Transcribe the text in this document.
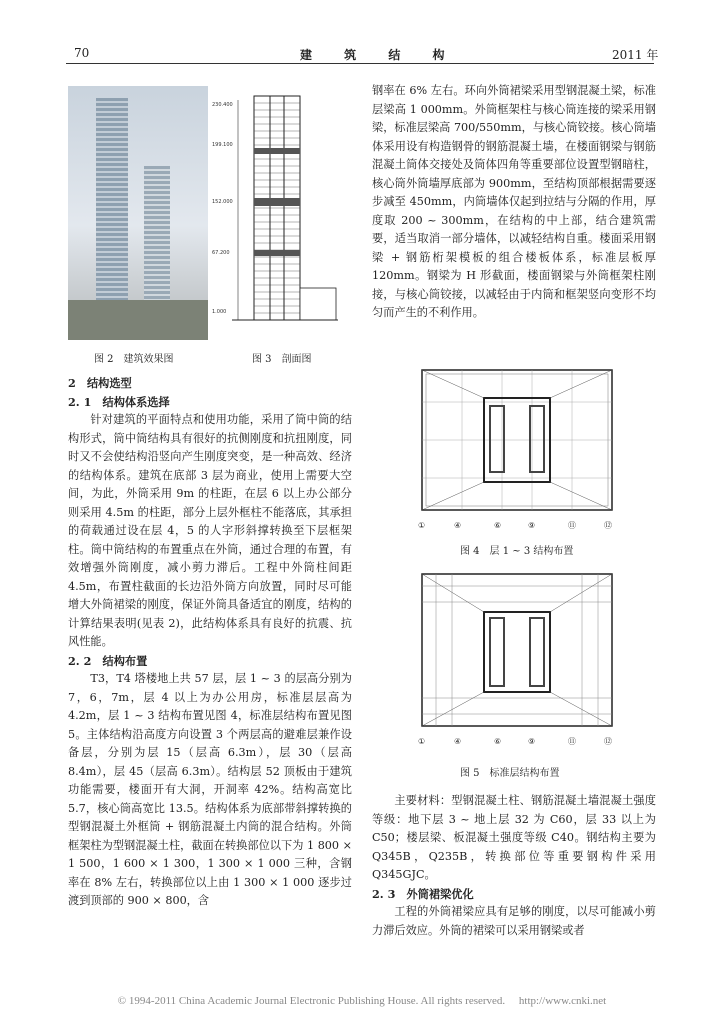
70	建 筑 结 构	2011 年
图 2　建筑效果图
230.400
199.100
152.000
67.200
1.000
图 3　剖面图

2　结构选型

2. 1　结构体系选择

针对建筑的平面特点和使用功能，采用了筒中筒的结构形式，筒中筒结构具有很好的抗侧刚度和抗扭刚度，同时又不会使结构沿竖向产生刚度突变，是一种高效、经济的结构体系。建筑在底部 3 层为商业，使用上需要大空间，为此，外筒采用 9m 的柱距，在层 6 以上办公部分则采用 4.5m 的柱距，部分上层外框柱不能落底，其承担的荷载通过设在层 4，5 的人字形斜撑转换至下层框架柱。筒中筒结构的布置重点在外筒，通过合理的布置，有效增强外筒刚度，减小剪力滞后。工程中外筒柱间距 4.5m，布置柱截面的长边沿外筒方向放置，同时尽可能增大外筒裙梁的刚度，保证外筒具备适宜的刚度，结构的计算结果表明(见表 2)，此结构体系具有良好的抗震、抗风性能。

2. 2　结构布置

T3，T4 塔楼地上共 57 层，层 1 ~ 3 的层高分别为 7，6，7m，层 4 以上为办公用房，标准层层高为 4.2m，层 1 ~ 3 结构布置见图 4，标准层结构布置见图 5。主体结构沿高度方向设置 3 个两层高的避难层兼作设备层，分别为层 15（层高 6.3m），层 30（层高 8.4m），层 45（层高 6.3m）。结构层 52 顶板由于建筑功能需要，楼面开有大洞，开洞率 42%。结构高宽比 5.7，核心筒高宽比 13.5。结构体系为底部带斜撑转换的型钢混凝土外框筒 + 钢筋混凝土内筒的混合结构。外筒框架柱为型钢混凝土柱，截面在转换部位以下为 1 800 × 1 500，1 600 × 1 300，1 300 × 1 000 三种，含钢率在 8% 左右，转换部位以上由 1 300 × 1 000 逐步过渡到顶部的 900 × 800，含

钢率在 6% 左右。环向外筒裙梁采用型钢混凝土梁，标准层梁高 1 000mm。外筒框架柱与核心筒连接的梁采用钢梁，标准层梁高 700/550mm，与核心筒铰接。核心筒墙体采用设有构造钢骨的钢筋混凝土墙，在楼面钢梁与钢筋混凝土筒体交接处及筒体四角等重要部位设置型钢暗柱，核心筒外筒墙厚底部为 900mm，至结构顶部根据需要逐步减至 450mm，内筒墙体仅起到拉结与分隔的作用，厚度取 200 ~ 300mm，在结构的中上部，结合建筑需要，适当取消一部分墙体，以减轻结构自重。楼面采用钢梁 + 钢筋桁架模板的组合楼板体系，标准层板厚 120mm。钢梁为 H 形截面，楼面钢梁与外筒框架柱刚接，与核心筒铰接，以减轻由于内筒和框架竖向变形不均匀而产生的不利作用。

①	④	⑥	⑨	⑪	⑫
图 4　层 1 ~ 3 结构布置
①	④	⑥	⑨	⑪	⑫
图 5　标准层结构布置

主要材料：型钢混凝土柱、钢筋混凝土墙混凝土强度等级：地下层 3 ~ 地上层 32 为 C60，层 33 以上为 C50；楼层梁、板混凝土强度等级 C40。钢结构主要为 Q345B，Q235B，转换部位等重要钢构件采用 Q345GJC。

2. 3　外筒裙梁优化

工程的外筒裙梁应具有足够的刚度，以尽可能减小剪力滞后效应。外筒的裙梁可以采用钢梁或者

© 1994-2011 China Academic Journal Electronic Publishing House. All rights reserved.　 http://www.cnki.net
